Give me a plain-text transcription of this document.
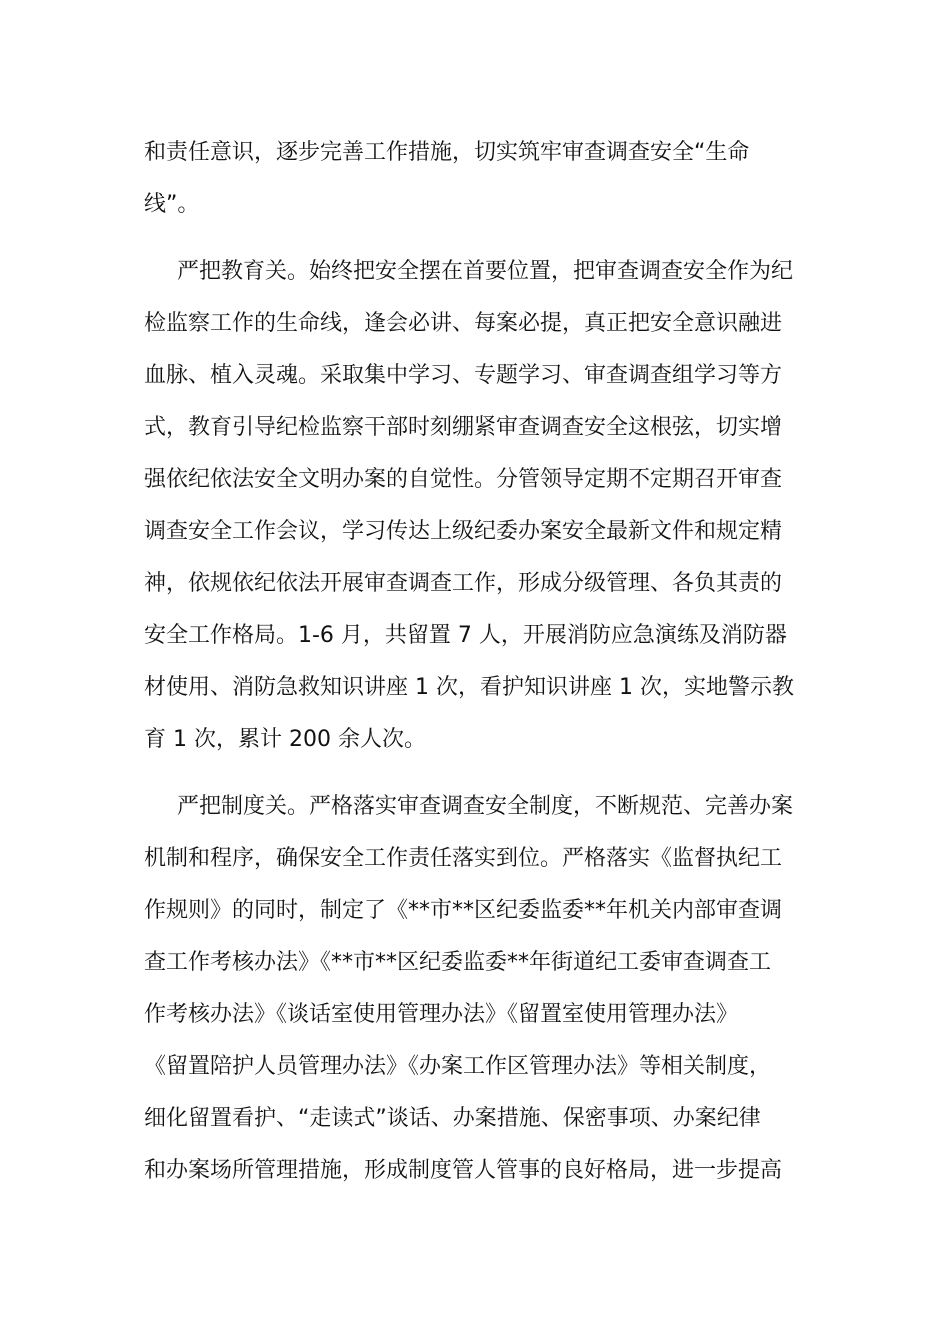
和责任意识，逐步完善工作措施，切实筑牢审查调查安全“生命
线”。
严把教育关。始终把安全摆在首要位置，把审查调查安全作为纪
检监察工作的生命线，逢会必讲、每案必提，真正把安全意识融进
血脉、植入灵魂。采取集中学习、专题学习、审查调查组学习等方
式，教育引导纪检监察干部时刻绷紧审查调查安全这根弦，切实增
强依纪依法安全文明办案的自觉性。分管领导定期不定期召开审查
调查安全工作会议，学习传达上级纪委办案安全最新文件和规定精
神，依规依纪依法开展审查调查工作，形成分级管理、各负其责的
安全工作格局。1-6 月，共留置 7 人，开展消防应急演练及消防器
材使用、消防急救知识讲座 1 次，看护知识讲座 1 次，实地警示教
育 1 次，累计 200 余人次。
严把制度关。严格落实审查调查安全制度，不断规范、完善办案
机制和程序，确保安全工作责任落实到位。严格落实《监督执纪工
作规则》的同时，制定了《**市**区纪委监委**年机关内部审查调
查工作考核办法》《**市**区纪委监委**年街道纪工委审查调查工
作考核办法》《谈话室使用管理办法》《留置室使用管理办法》
《留置陪护人员管理办法》《办案工作区管理办法》等相关制度，
细化留置看护、“走读式”谈话、办案措施、保密事项、办案纪律
和办案场所管理措施，形成制度管人管事的良好格局，进一步提高
